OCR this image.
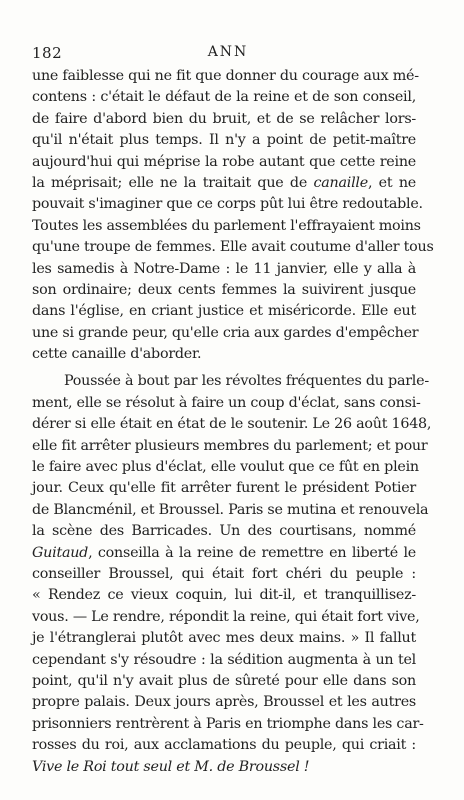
182	ANN
une faiblesse qui ne fit que donner du courage aux mé-
contens : c'était le défaut de la reine et de son conseil,
de faire d'abord bien du bruit, et de se relâcher lors-
qu'il n'était plus temps. Il n'y a point de petit-maître
aujourd'hui qui méprise la robe autant que cette reine
la méprisait; elle ne la traitait que de canaille, et ne
pouvait s'imaginer que ce corps pût lui être redoutable.
Toutes les assemblées du parlement l'effrayaient moins
qu'une troupe de femmes. Elle avait coutume d'aller tous
les samedis à Notre-Dame : le 11 janvier, elle y alla à
son ordinaire; deux cents femmes la suivirent jusque
dans l'église, en criant justice et miséricorde. Elle eut
une si grande peur, qu'elle cria aux gardes d'empêcher
cette canaille d'aborder.
Poussée à bout par les révoltes fréquentes du parle-
ment, elle se résolut à faire un coup d'éclat, sans consi-
dérer si elle était en état de le soutenir. Le 26 août 1648,
elle fit arrêter plusieurs membres du parlement; et pour
le faire avec plus d'éclat, elle voulut que ce fût en plein
jour. Ceux qu'elle fit arrêter furent le président Potier
de Blancménil, et Broussel. Paris se mutina et renouvela
la scène des Barricades. Un des courtisans, nommé
Guitaud, conseilla à la reine de remettre en liberté le
conseiller Broussel, qui était fort chéri du peuple :
« Rendez ce vieux coquin, lui dit-il, et tranquillisez-
vous. — Le rendre, répondit la reine, qui était fort vive,
je l'étranglerai plutôt avec mes deux mains. » Il fallut
cependant s'y résoudre : la sédition augmenta à un tel
point, qu'il n'y avait plus de sûreté pour elle dans son
propre palais. Deux jours après, Broussel et les autres
prisonniers rentrèrent à Paris en triomphe dans les car-
rosses du roi, aux acclamations du peuple, qui criait :
Vive le Roi tout seul et M. de Broussel !
